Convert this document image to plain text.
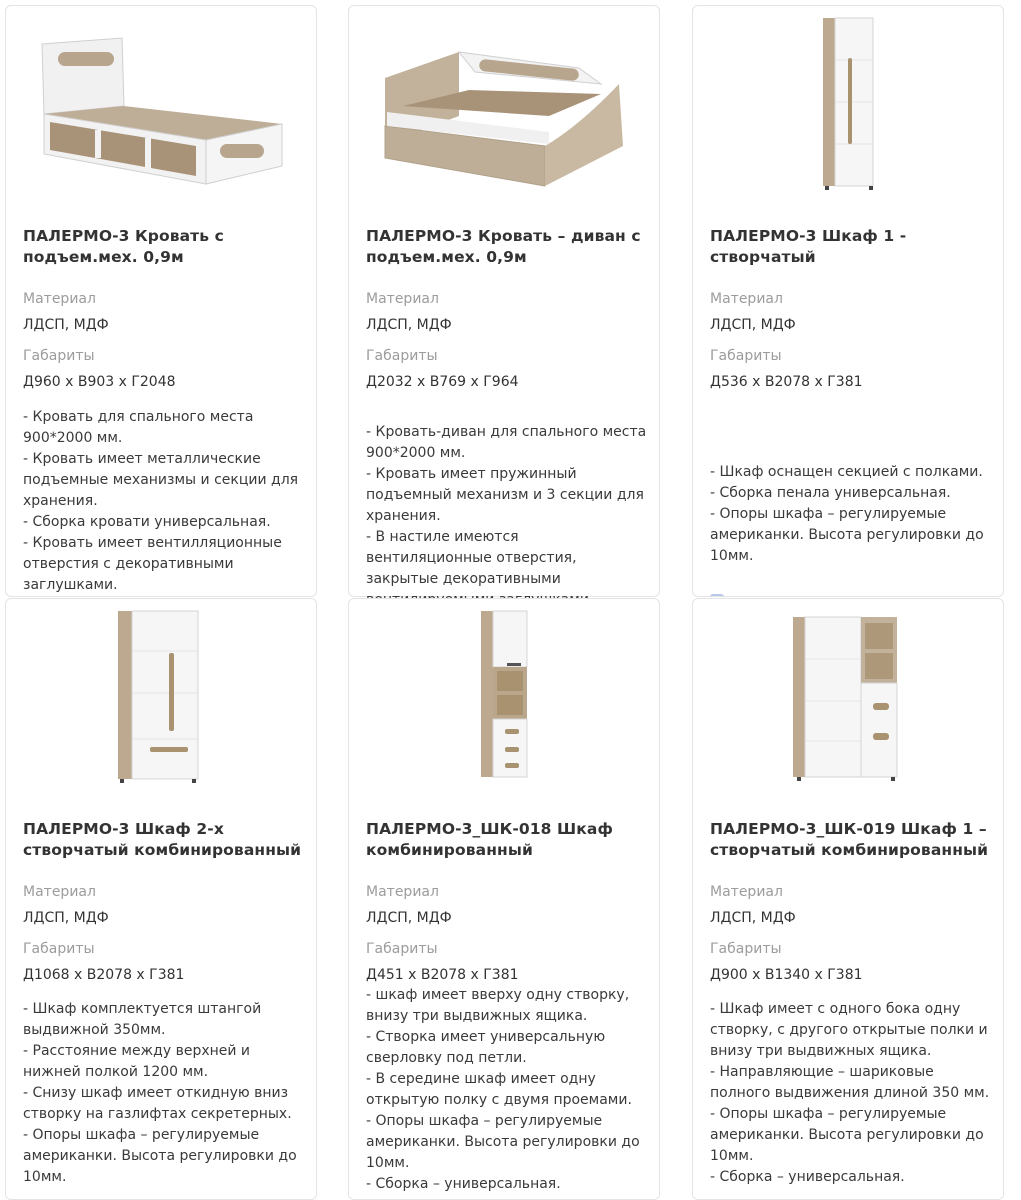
ПАЛЕРМО-3 Кровать с подъем.мех. 0,9м
Материал
ЛДСП, МДФ
Габариты
Д960 х В903 х Г2048
- Кровать для спального места 900*2000 мм.
- Кровать имеет металлические подъемные механизмы и секции для хранения.
- Сборка кровати универсальная.
- Кровать имеет вентилляционные отверстия с декоративными заглушками.
ПАЛЕРМО-3 Кровать – диван с подъем.мех. 0,9м
Материал
ЛДСП, МДФ
Габариты
Д2032 х В769 х Г964
- Кровать-диван для спального места 900*2000 мм.
- Кровать имеет пружинный подъемный механизм и 3 секции для хранения.
- В настиле имеются вентиляционные отверстия, закрытые декоративными
ПАЛЕРМО-3 Шкаф 1 - створчатый
Материал
ЛДСП, МДФ
Габариты
Д536 х В2078 х Г381
- Шкаф оснащен секцией с полками.
- Сборка пенала универсальная.
- Опоры шкафа – регулируемые американки. Высота регулировки до 10мм.
ПАЛЕРМО-3 Шкаф 2-х створчатый комбинированный
Материал
ЛДСП, МДФ
Габариты
Д1068 х В2078 х Г381
- Шкаф комплектуется штангой выдвижной 350мм.
- Расстояние между верхней и нижней полкой 1200 мм.
- Снизу шкаф имеет откидную вниз створку на газлифтах секретерных.
- Опоры шкафа – регулируемые американки. Высота регулировки до 10мм.
ПАЛЕРМО-3_ШК-018 Шкаф комбинированный
Материал
ЛДСП, МДФ
Габариты
Д451 х В2078 х Г381
- шкаф имеет вверху одну створку, внизу три выдвижных ящика.
- Створка имеет универсальную сверловку под петли.
- В середине шкаф имеет одну открытую полку с двумя проемами.
- Опоры шкафа – регулируемые американки. Высота регулировки до 10мм.
- Сборка – универсальная.
ПАЛЕРМО-3_ШК-019 Шкаф 1 – створчатый комбинированный
Материал
ЛДСП, МДФ
Габариты
Д900 х В1340 х Г381
- Шкаф имеет с одного бока одну створку, с другого открытые полки и внизу три выдвижных ящика.
- Направляющие – шариковые полного выдвижения длиной 350 мм.
- Опоры шкафа – регулируемые американки. Высота регулировки до 10мм.
- Сборка – универсальная.
